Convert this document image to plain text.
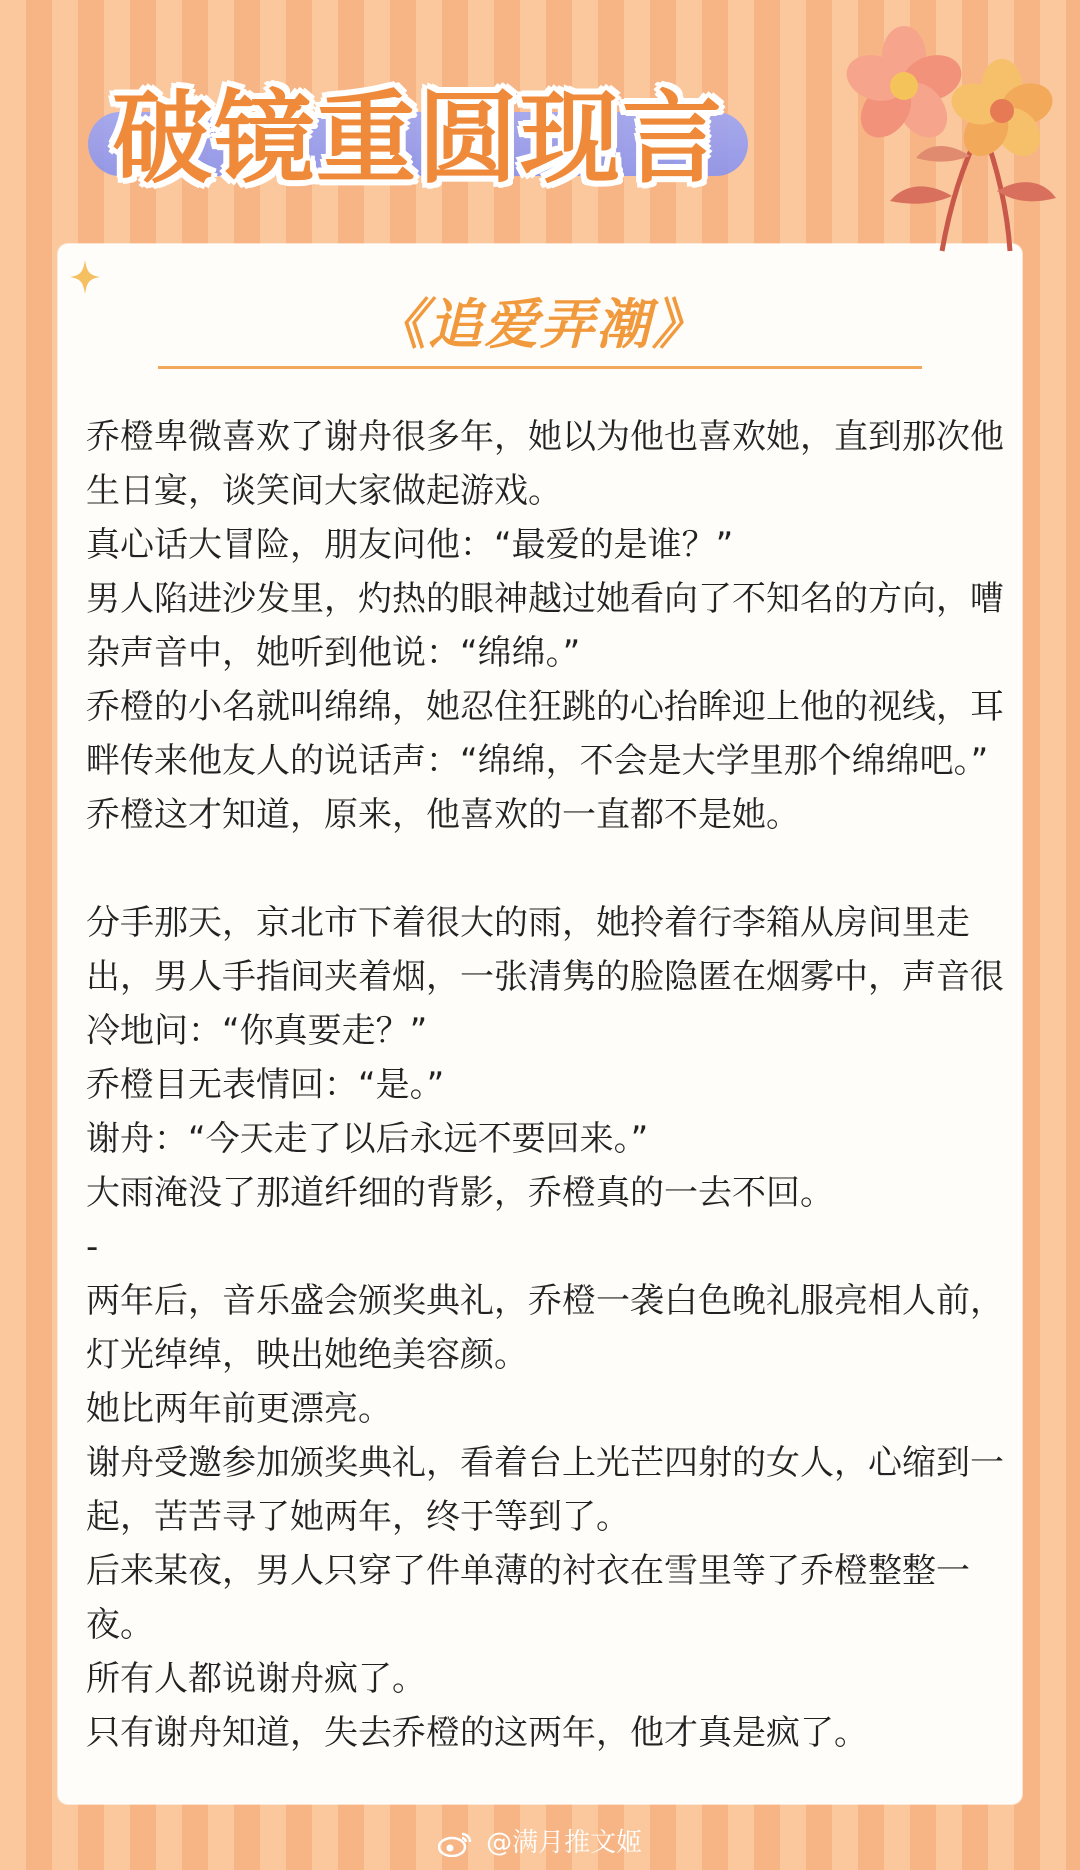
破镜重圆现言
《追爱弄潮》

乔橙卑微喜欢了谢舟很多年，她以为他也喜欢她，直到那次他生日宴，谈笑间大家做起游戏。

真心话大冒险，朋友问他：“最爱的是谁？”

男人陷进沙发里，灼热的眼神越过她看向了不知名的方向，嘈杂声音中，她听到他说：“绵绵。”

乔橙的小名就叫绵绵，她忍住狂跳的心抬眸迎上他的视线，耳畔传来他友人的说话声：“绵绵，不会是大学里那个绵绵吧。”

乔橙这才知道，原来，他喜欢的一直都不是她。

分手那天，京北市下着很大的雨，她拎着行李箱从房间里走出，男人手指间夹着烟，一张清隽的脸隐匿在烟雾中，声音很冷地问：“你真要走？”

乔橙目无表情回：“是。”

谢舟：“今天走了以后永远不要回来。”

大雨淹没了那道纤细的背影，乔橙真的一去不回。

-

两年后，音乐盛会颁奖典礼，乔橙一袭白色晚礼服亮相人前，灯光绰绰，映出她绝美容颜。

她比两年前更漂亮。

谢舟受邀参加颁奖典礼，看着台上光芒四射的女人，心缩到一起，苦苦寻了她两年，终于等到了。

后来某夜，男人只穿了件单薄的衬衣在雪里等了乔橙整整一夜。

所有人都说谢舟疯了。

只有谢舟知道，失去乔橙的这两年，他才真是疯了。

@满月推文姬
